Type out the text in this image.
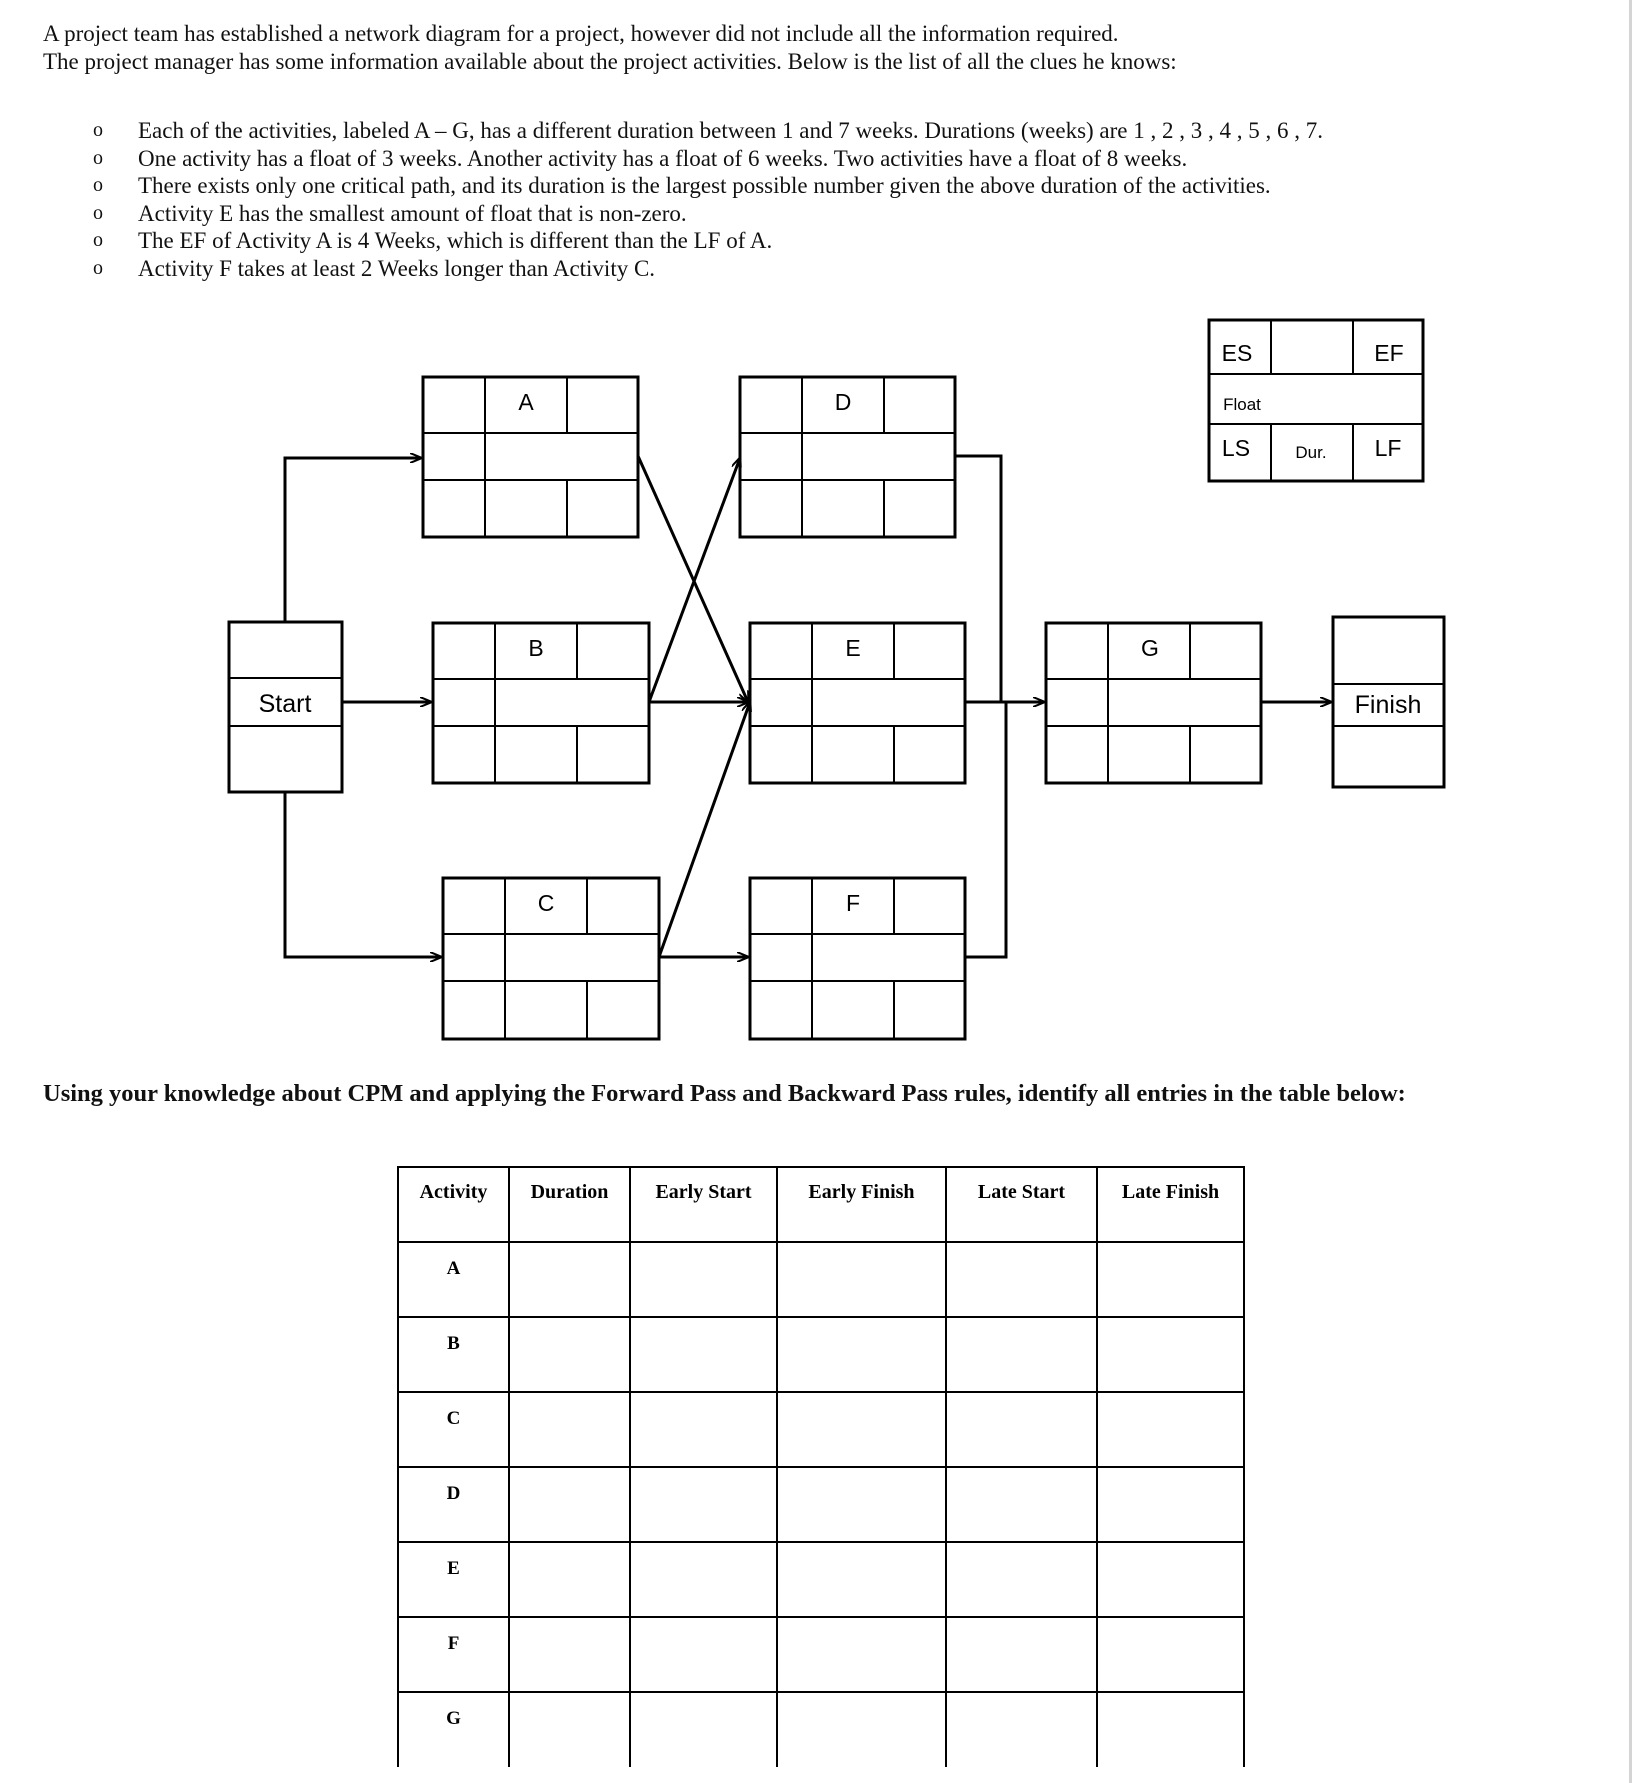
A project team has established a network diagram for a project, however did not include all the information required.

The project manager has some information available about the project activities. Below is the list of all the clues he knows:

o Each of the activities, labeled A – G, has a different duration between 1 and 7 weeks. Durations (weeks) are 1 , 2 , 3 , 4 , 5 , 6 , 7.
o One activity has a float of 3 weeks. Another activity has a float of 6 weeks. Two activities have a float of 8 weeks.
o There exists only one critical path, and its duration is the largest possible number given the above duration of the activities.
o Activity E has the smallest amount of float that is non-zero.
o The EF of Activity A is 4 Weeks, which is different than the LF of A.
o Activity F takes at least 2 Weeks longer than Activity C.
ES	EF
Float
LS	Dur. LF
A	D
B	E	G
C	F
Start	Finish
Using your knowledge about CPM and applying the Forward Pass and Backward Pass rules, identify all entries in the table below:
Activity	Duration	Early Start	Early Finish	Late Start	Late Finish
A					
B					
C					
D					
E					
F					
G					
